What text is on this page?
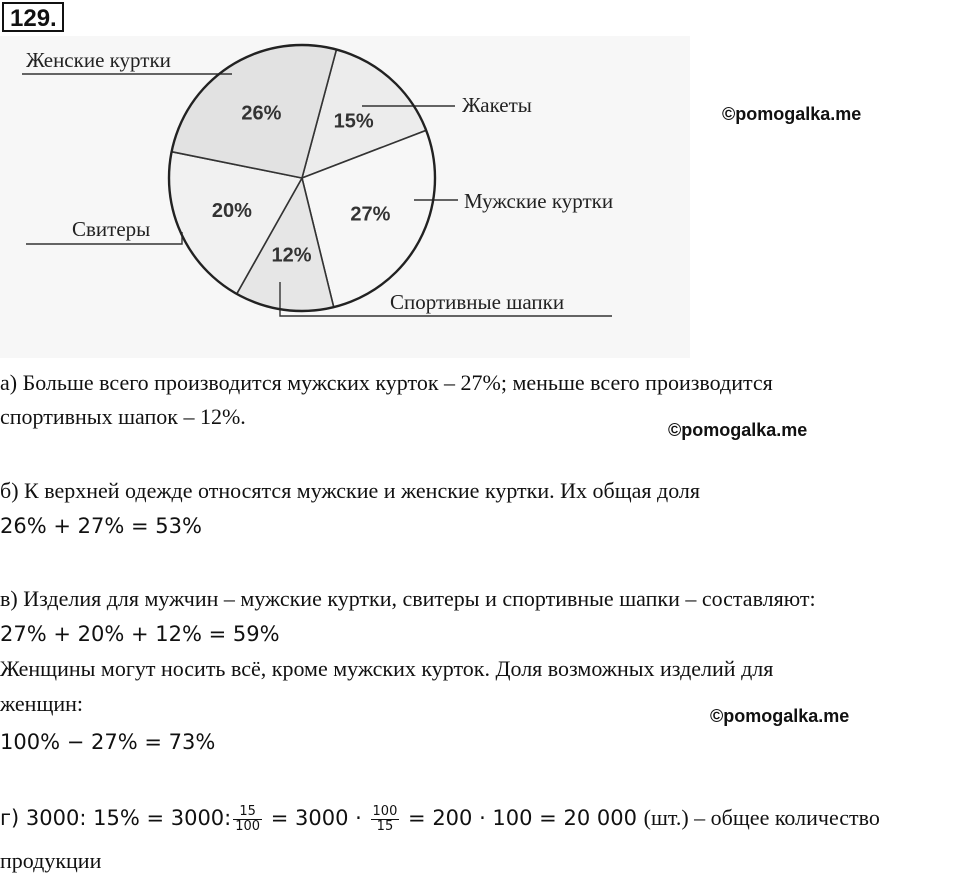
129.
15%
Жакеты
27%
Мужские куртки
12%
Спортивные шапки
20%
Свитеры
26%
Женские куртки
©pomogalka.me
©pomogalka.me
©pomogalka.me
а) Больше всего производится мужских курток – 27%; меньше всего производится
спортивных шапок – 12%.
б) К верхней одежде относятся мужские и женские куртки. Их общая доля
26% + 27% = 53%
в) Изделия для мужчин – мужские куртки, свитеры и спортивные шапки – составляют:
27% + 20% + 12% = 59%
Женщины могут носить всё, кроме мужских курток. Доля возможных изделий для
женщин:
100% − 27% = 73%
г) 3000: 15% = 3000: $\frac{15}{100} = 3000 \cdot \frac{100}{15} = 200 \cdot 100 = 20$ 000 (шт.) – общее количество
продукции
